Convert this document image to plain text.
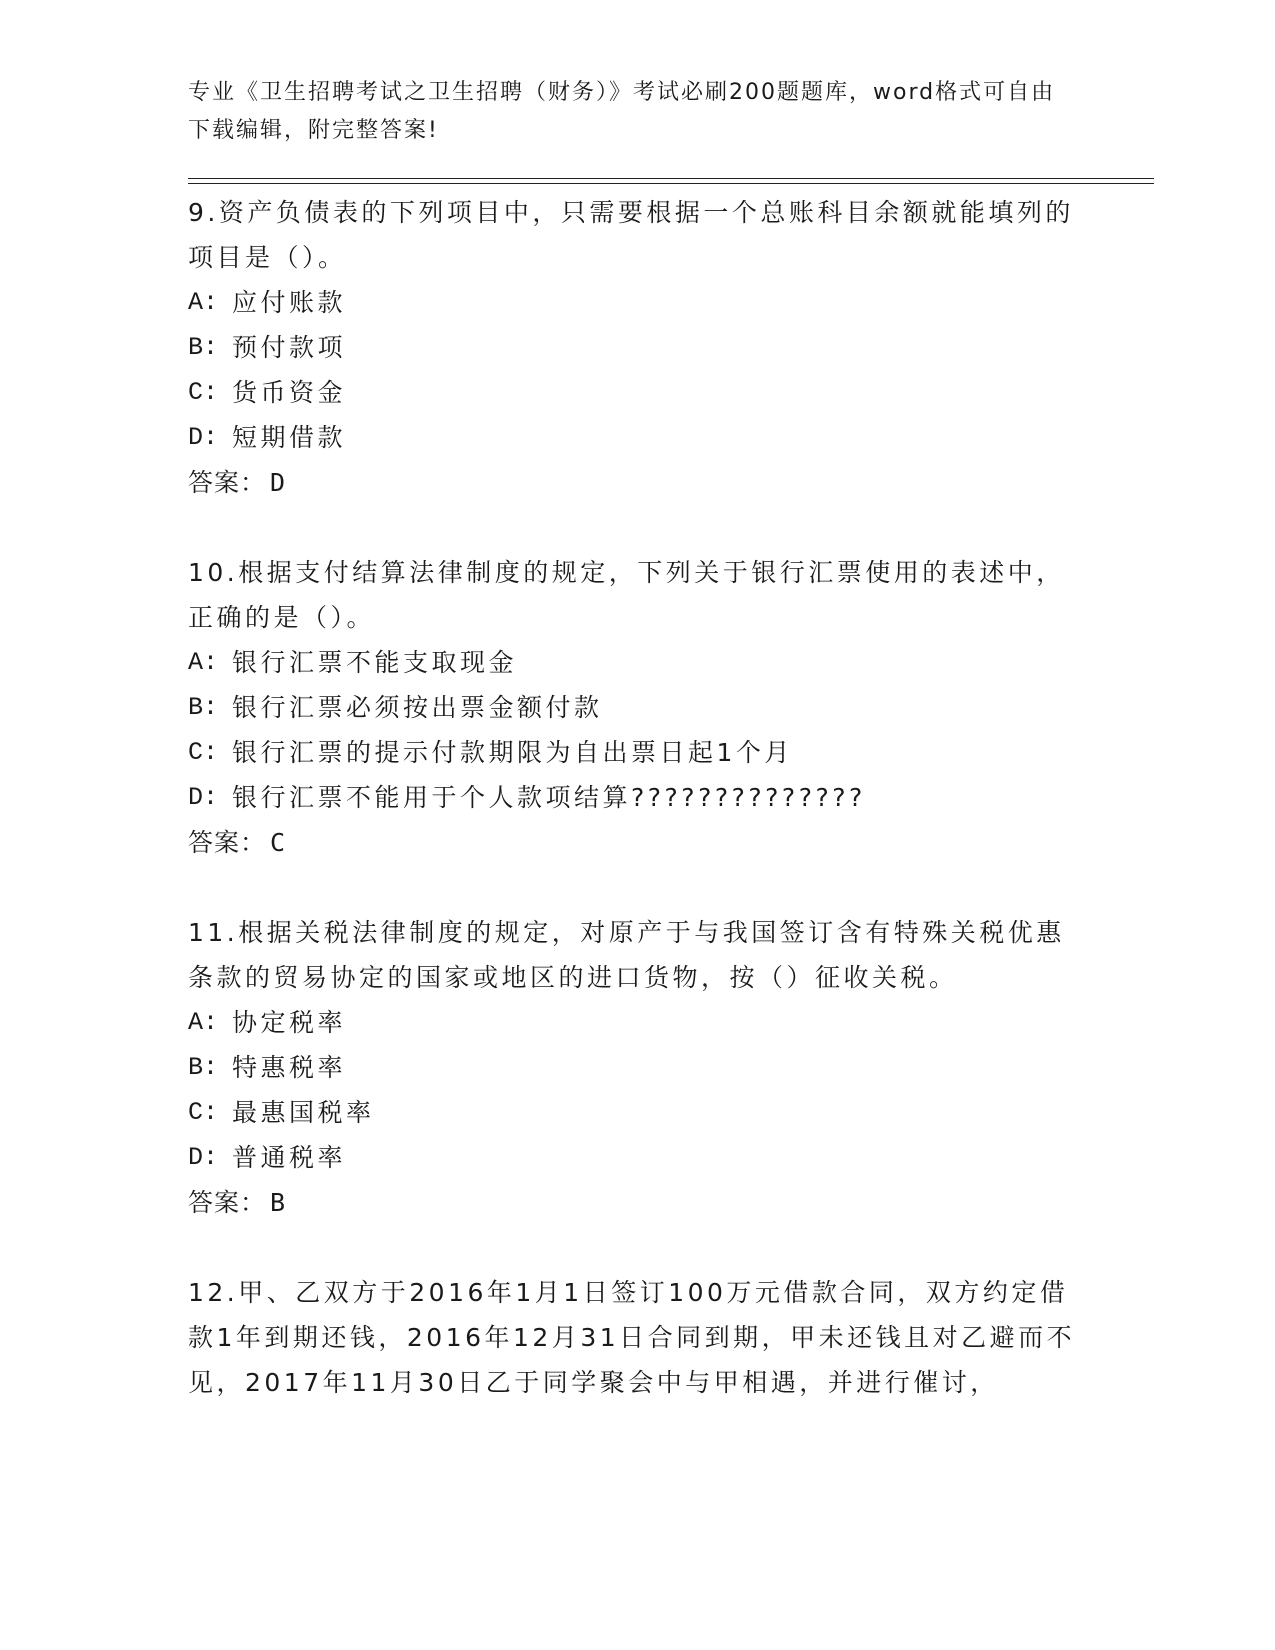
专业《卫生招聘考试之卫生招聘（财务）》考试必刷200题题库，word格式可自由下载编辑，附完整答案!

9.资产负债表的下列项目中，只需要根据一个总账科目余额就能填列的项目是（）。

A: 应付账款
B: 预付款项
C: 货币资金
D: 短期借款
答案： D

10.根据支付结算法律制度的规定，下列关于银行汇票使用的表述中，正确的是（）。

A: 银行汇票不能支取现金
B: 银行汇票必须按出票金额付款
C: 银行汇票的提示付款期限为自出票日起1个月
D: 银行汇票不能用于个人款项结算??????????????
答案： C

11.根据关税法律制度的规定，对原产于与我国签订含有特殊关税优惠条款的贸易协定的国家或地区的进口货物，按（）征收关税。

A: 协定税率
B: 特惠税率
C: 最惠国税率
D: 普通税率
答案： B

12.甲、乙双方于2016年1月1日签订100万元借款合同，双方约定借款1年到期还钱，2016年12月31日合同到期，甲未还钱且对乙避而不见，2017年11月30日乙于同学聚会中与甲相遇，并进行催讨，
